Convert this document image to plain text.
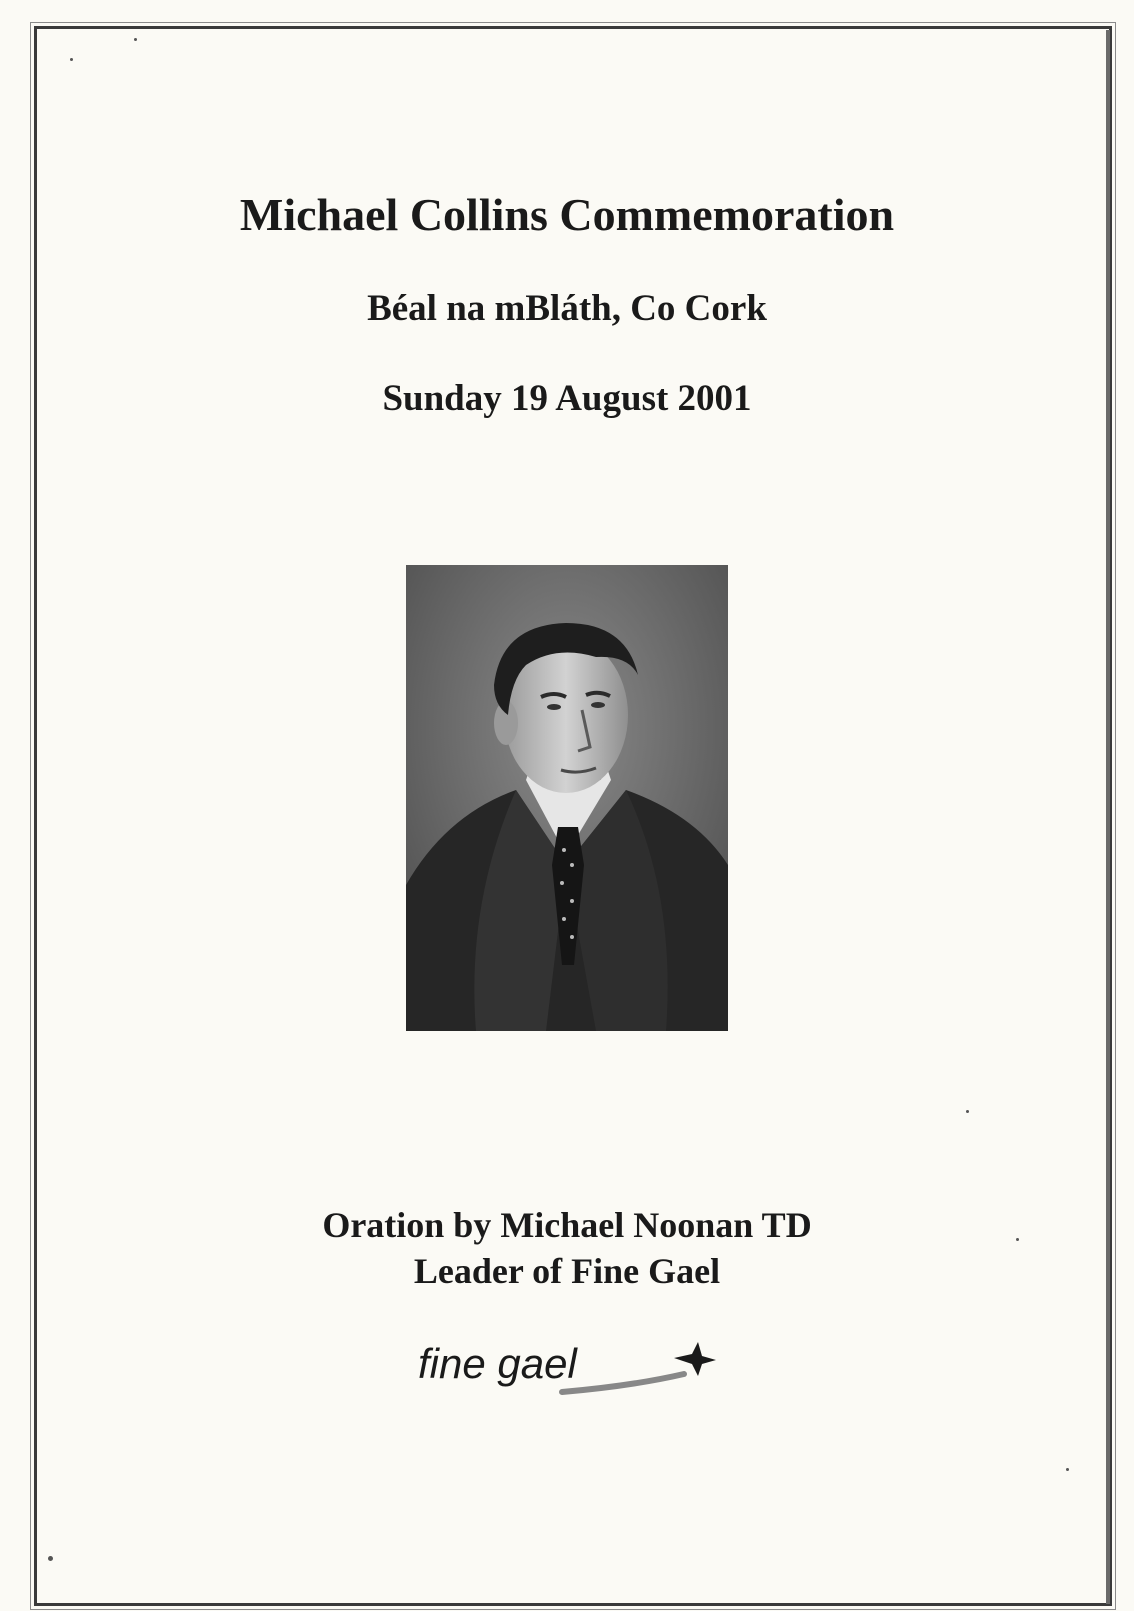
Michael Collins Commemoration
Béal na mBláth, Co Cork
Sunday 19 August 2001

Oration by Michael Noonan TD

Leader of Fine Gael

fine gael
